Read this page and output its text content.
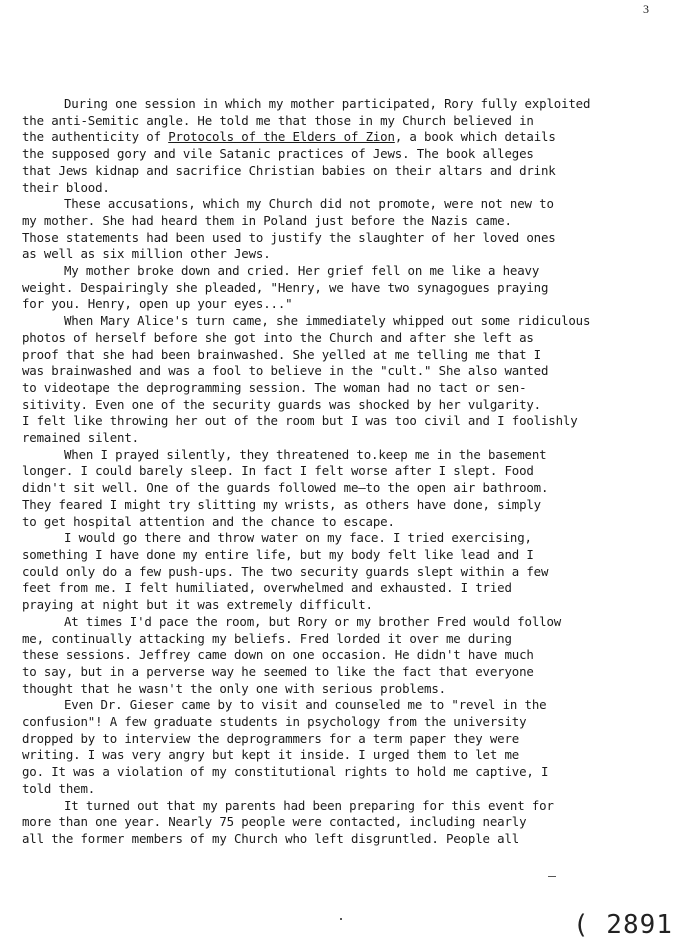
3
During one session in which my mother participated, Rory fully exploited
the anti-Semitic angle. He told me that those in my Church believed in
the authenticity of Protocols of the Elders of Zion, a book which details
the supposed gory and vile Satanic practices of Jews. The book alleges
that Jews kidnap and sacrifice Christian babies on their altars and drink
their blood.
These accusations, which my Church did not promote, were not new to
my mother. She had heard them in Poland just before the Nazis came.
Those statements had been used to justify the slaughter of her loved ones
as well as six million other Jews.
My mother broke down and cried. Her grief fell on me like a heavy
weight. Despairingly she pleaded, "Henry, we have two synagogues praying
for you. Henry, open up your eyes..."
When Mary Alice's turn came, she immediately whipped out some ridiculous
photos of herself before she got into the Church and after she left as
proof that she had been brainwashed. She yelled at me telling me that I
was brainwashed and was a fool to believe in the "cult." She also wanted
to videotape the deprogramming session. The woman had no tact or sen-
sitivity. Even one of the security guards was shocked by her vulgarity.
I felt like throwing her out of the room but I was too civil and I foolishly
remained silent.
When I prayed silently, they threatened to.keep me in the basement
longer. I could barely sleep. In fact I felt worse after I slept. Food
didn't sit well. One of the guards followed me—to the open air bathroom.
They feared I might try slitting my wrists, as others have done, simply
to get hospital attention and the chance to escape.
I would go there and throw water on my face. I tried exercising,
something I have done my entire life, but my body felt like lead and I
could only do a few push-ups. The two security guards slept within a few
feet from me. I felt humiliated, overwhelmed and exhausted. I tried
praying at night but it was extremely difficult.
At times I'd pace the room, but Rory or my brother Fred would follow
me, continually attacking my beliefs. Fred lorded it over me during
these sessions. Jeffrey came down on one occasion. He didn't have much
to say, but in a perverse way he seemed to like the fact that everyone
thought that he wasn't the only one with serious problems.
Even Dr. Gieser came by to visit and counseled me to "revel in the
confusion"! A few graduate students in psychology from the university
dropped by to interview the deprogrammers for a term paper they were
writing. I was very angry but kept it inside. I urged them to let me
go. It was a violation of my constitutional rights to hold me captive, I
told them.
It turned out that my parents had been preparing for this event for
more than one year. Nearly 75 people were contacted, including nearly
all the former members of my Church who left disgruntled. People all
( 2891
